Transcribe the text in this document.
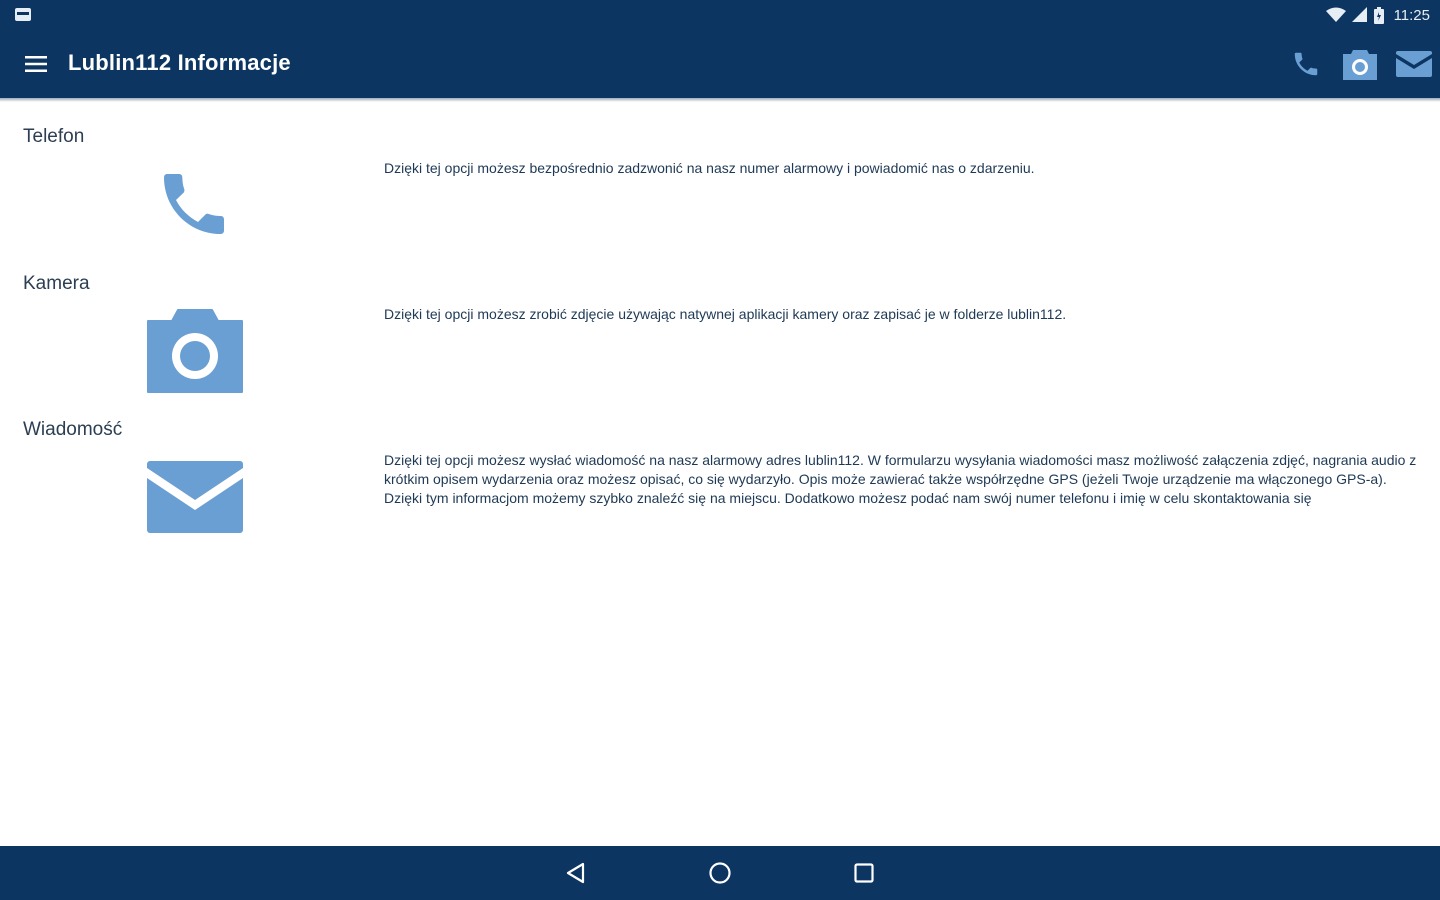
11:25
Lublin112 Informacje
Telefon
Dzięki tej opcji możesz bezpośrednio zadzwonić na nasz numer alarmowy i powiadomić nas o zdarzeniu.
Kamera
Dzięki tej opcji możesz zrobić zdjęcie używając natywnej aplikacji kamery oraz zapisać je w folderze lublin112.
Wiadomość
Dzięki tej opcji możesz wysłać wiadomość na nasz alarmowy adres lublin112. W formularzu wysyłania wiadomości masz możliwość załączenia zdjęć, nagrania audio z krótkim opisem wydarzenia oraz możesz opisać, co się wydarzyło. Opis może zawierać także współrzędne GPS (jeżeli Twoje urządzenie ma włączonego GPS-a). Dzięki tym informacjom możemy szybko znaleźć się na miejscu. Dodatkowo możesz podać nam swój numer telefonu i imię w celu skontaktowania się
